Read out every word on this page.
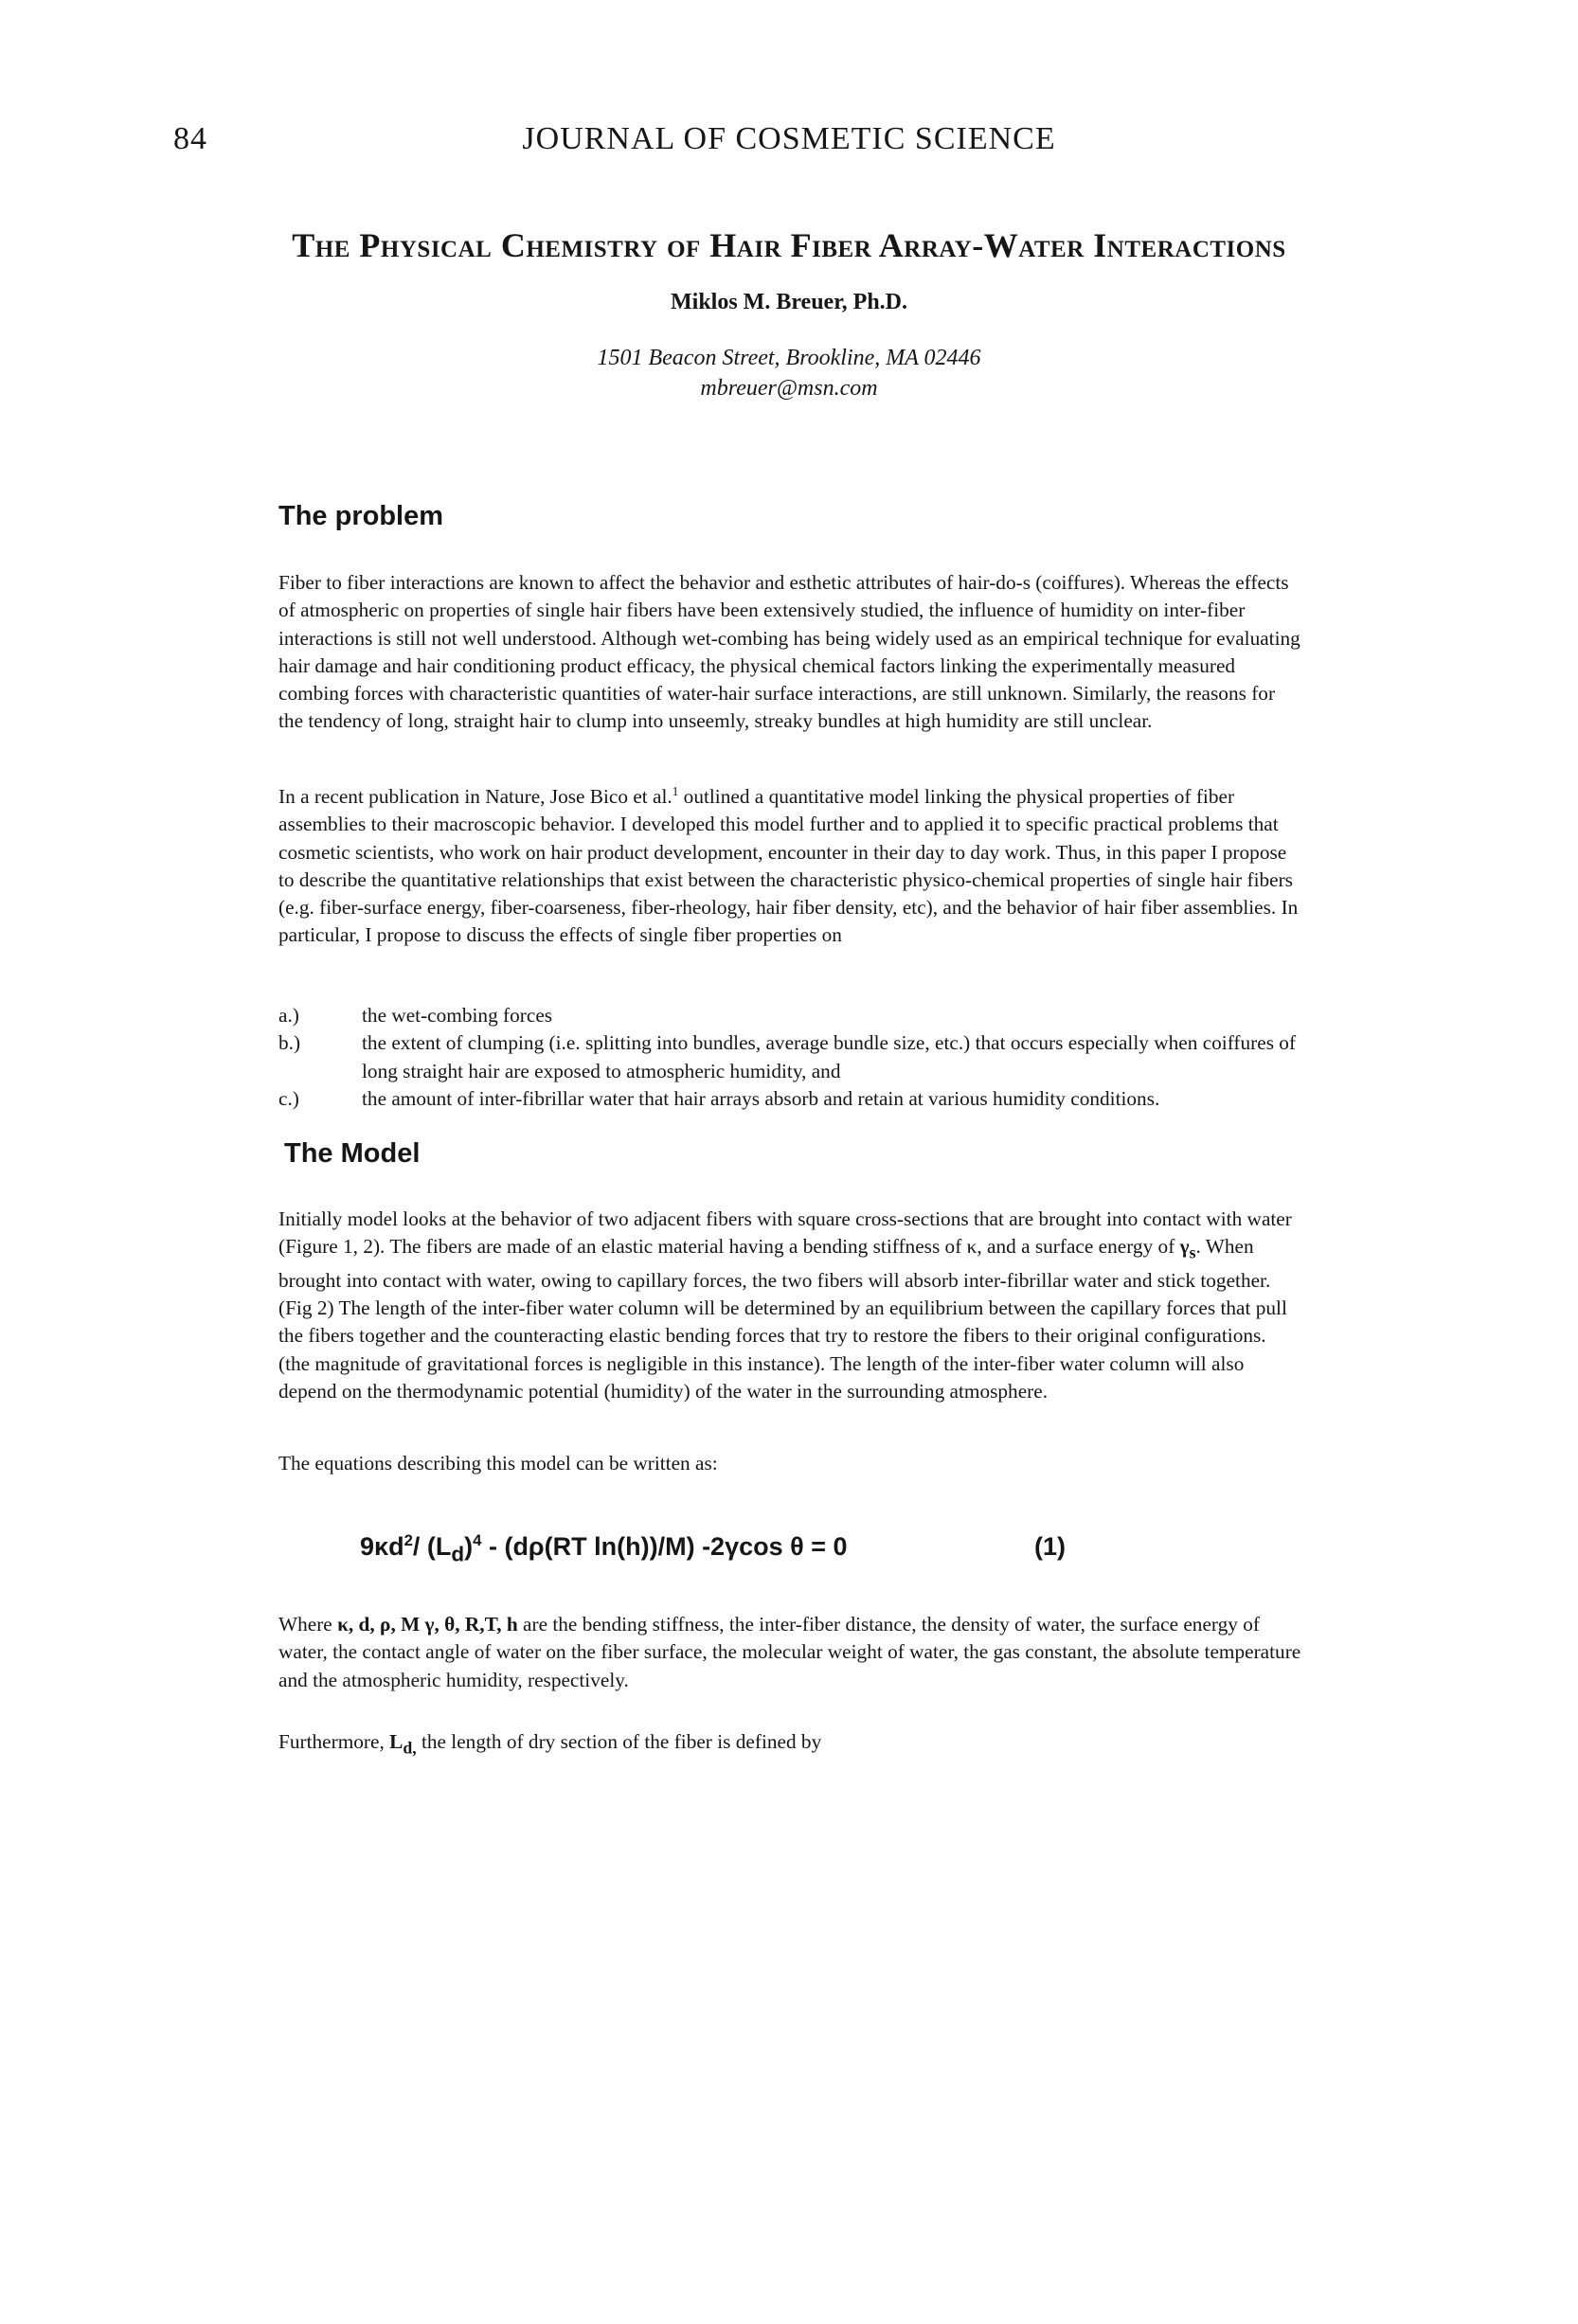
84	JOURNAL OF COSMETIC SCIENCE
The Physical Chemistry of Hair Fiber Array-Water Interactions
Miklos M. Breuer, Ph.D.
1501 Beacon Street, Brookline, MA 02446
mbreuer@msn.com
The problem

Fiber to fiber interactions are known to affect the behavior and esthetic attributes of hair-do-s (coiffures). Whereas the effects of atmospheric on properties of single hair fibers have been extensively studied, the influence of humidity on inter-fiber interactions is still not well understood. Although wet-combing has being widely used as an empirical technique for evaluating hair damage and hair conditioning product efficacy, the physical chemical factors linking the experimentally measured combing forces with characteristic quantities of water-hair surface interactions, are still unknown. Similarly, the reasons for the tendency of long, straight hair to clump into unseemly, streaky bundles at high humidity are still unclear.

In a recent publication in Nature, Jose Bico et al.$^1$ outlined a quantitative model linking the physical properties of fiber assemblies to their macroscopic behavior. I developed this model further and to applied it to specific practical problems that cosmetic scientists, who work on hair product development, encounter in their day to day work. Thus, in this paper I propose to describe the quantitative relationships that exist between the characteristic physico-chemical properties of single hair fibers (e.g. fiber-surface energy, fiber-coarseness, fiber-rheology, hair fiber density, etc), and the behavior of hair fiber assemblies. In particular, I propose to discuss the effects of single fiber properties on

a.)	the wet-combing forces
b.)	the extent of clumping (i.e. splitting into bundles, average bundle size, etc.) that occurs especially when coiffures of long straight hair are exposed to atmospheric humidity, and
c.)	the amount of inter-fibrillar water that hair arrays absorb and retain at various humidity conditions.
The Model

Initially model looks at the behavior of two adjacent fibers with square cross-sections that are brought into contact with water (Figure 1, 2). The fibers are made of an elastic material having a bending stiffness of κ, and a surface energy of $\gamma_s$. When brought into contact with water, owing to capillary forces, the two fibers will absorb inter-fibrillar water and stick together. (Fig 2) The length of the inter-fiber water column will be determined by an equilibrium between the capillary forces that pull the fibers together and the counteracting elastic bending forces that try to restore the fibers to their original configurations. (the magnitude of gravitational forces is negligible in this instance). The length of the inter-fiber water column will also depend on the thermodynamic potential (humidity) of the water in the surrounding atmosphere.

The equations describing this model can be written as:

$9\kappa d^2/$ $(L_d)^4 - (d\rho(RT$ ln(h))/M) -2γcos θ = 0	(1)

Where κ, d, ρ, M γ, θ, R,T, h are the bending stiffness, the inter-fiber distance, the density of water, the surface energy of water, the contact angle of water on the fiber surface, the molecular weight of water, the gas constant, the absolute temperature and the atmospheric humidity, respectively.

Furthermore, $L_{d,}$ the length of dry section of the fiber is defined by
